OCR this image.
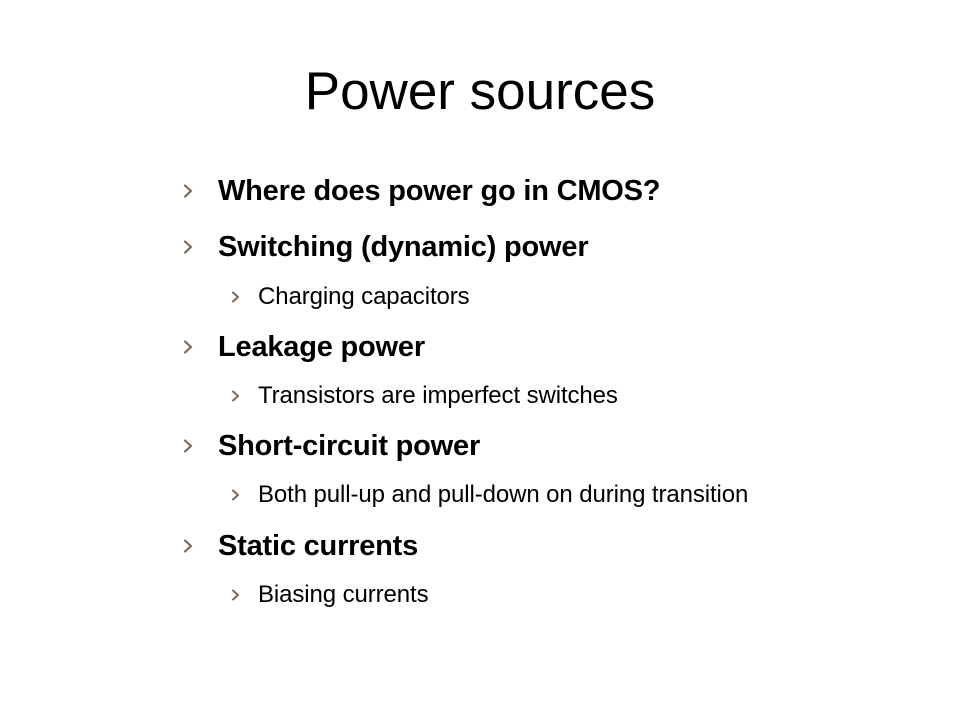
Power sources
Where does power go in CMOS?
Switching (dynamic) power
Charging capacitors
Leakage power
Transistors are imperfect switches
Short-circuit power
Both pull-up and pull-down on during transition
Static currents
Biasing currents
